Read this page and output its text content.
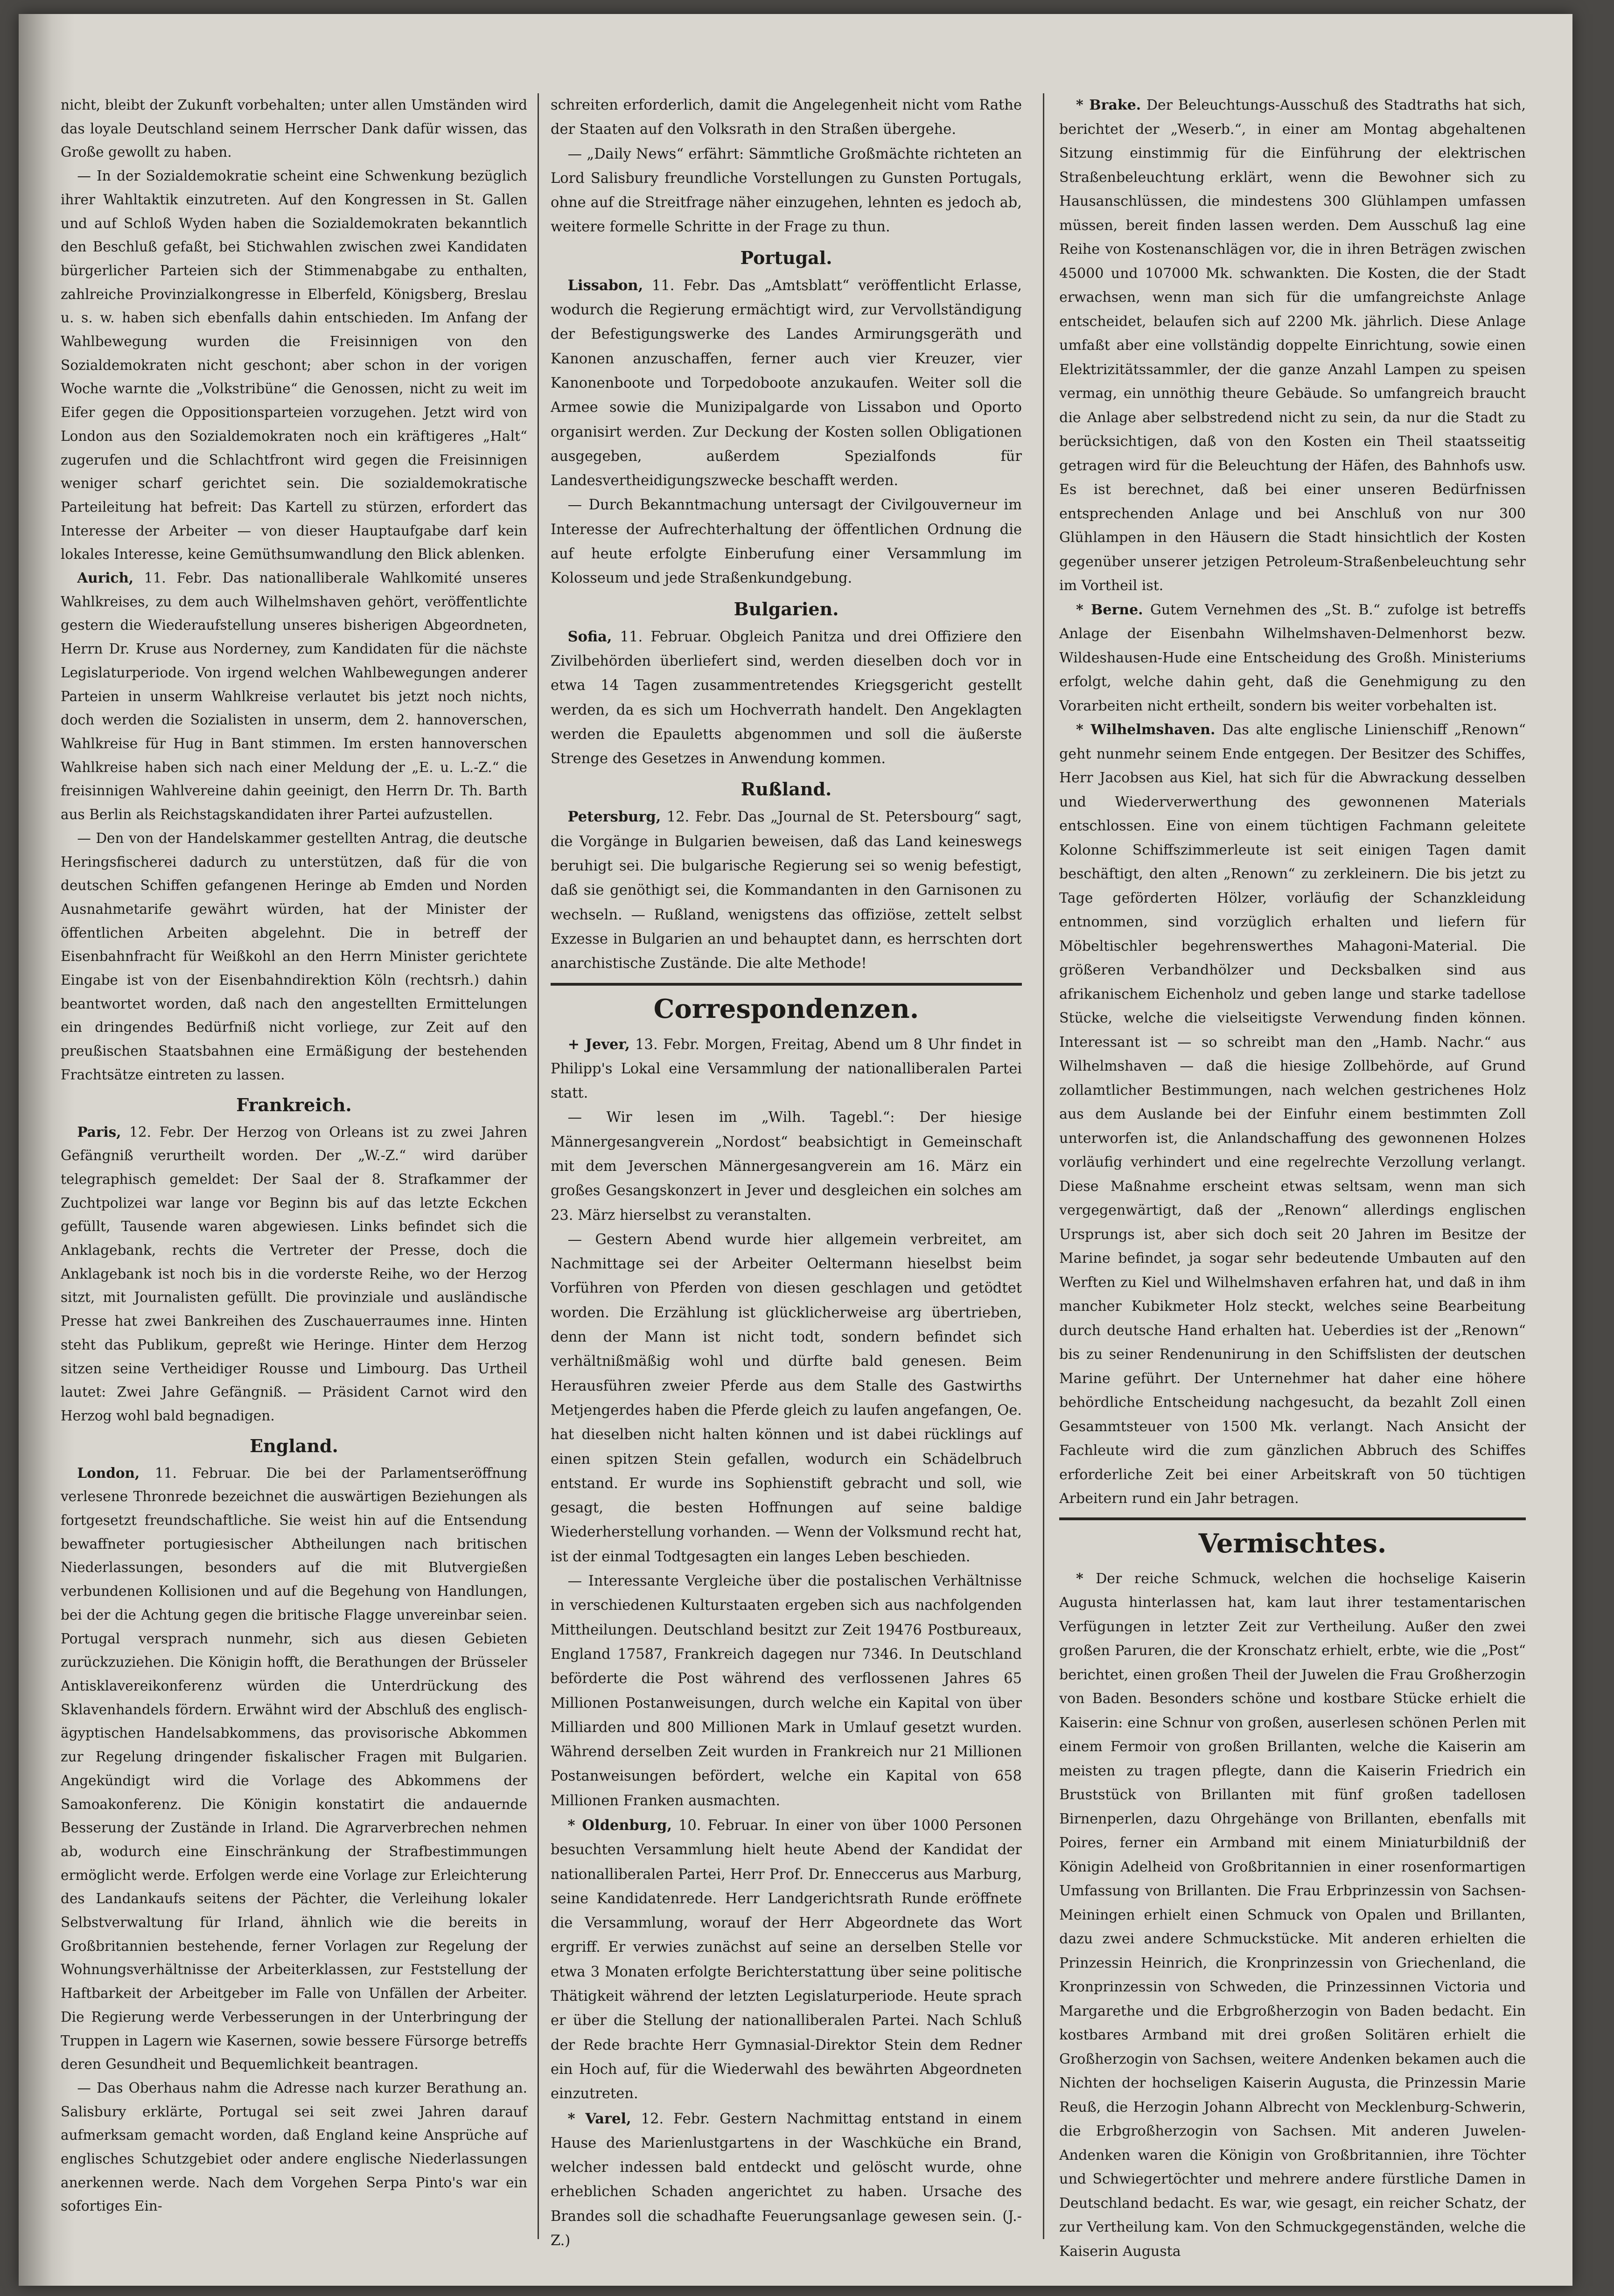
nicht, bleibt der Zukunft vorbehalten; unter allen Umständen wird das loyale Deutschland seinem Herrscher Dank dafür wissen, das Große gewollt zu haben.

— In der Sozialdemokratie scheint eine Schwenkung bezüglich ihrer Wahltaktik einzutreten. Auf den Kongressen in St. Gallen und auf Schloß Wyden haben die Sozialdemokraten bekanntlich den Beschluß gefaßt, bei Stichwahlen zwischen zwei Kandidaten bürgerlicher Parteien sich der Stimmenabgabe zu enthalten, zahlreiche Provinzialkongresse in Elberfeld, Königsberg, Breslau u. s. w. haben sich ebenfalls dahin entschieden. Im Anfang der Wahlbewegung wurden die Freisinnigen von den Sozialdemokraten nicht geschont; aber schon in der vorigen Woche warnte die „Volkstribüne“ die Genossen, nicht zu weit im Eifer gegen die Oppositionsparteien vorzugehen. Jetzt wird von London aus den Sozialdemokraten noch ein kräftigeres „Halt“ zugerufen und die Schlachtfront wird gegen die Freisinnigen weniger scharf gerichtet sein. Die sozialdemokratische Parteileitung hat befreit: Das Kartell zu stürzen, erfordert das Interesse der Arbeiter — von dieser Hauptaufgabe darf kein lokales Interesse, keine Gemüthsumwandlung den Blick ablenken.

Aurich, 11. Febr. Das nationalliberale Wahlkomité unseres Wahlkreises, zu dem auch Wilhelmshaven gehört, veröffentlichte gestern die Wiederaufstellung unseres bisherigen Abgeordneten, Herrn Dr. Kruse aus Norderney, zum Kandidaten für die nächste Legislaturperiode. Von irgend welchen Wahlbewegungen anderer Parteien in unserm Wahlkreise verlautet bis jetzt noch nichts, doch werden die Sozialisten in unserm, dem 2. hannoverschen, Wahlkreise für Hug in Bant stimmen. Im ersten hannoverschen Wahlkreise haben sich nach einer Meldung der „E. u. L.-Z.“ die freisinnigen Wahlvereine dahin geeinigt, den Herrn Dr. Th. Barth aus Berlin als Reichstagskandidaten ihrer Partei aufzustellen.

— Den von der Handelskammer gestellten Antrag, die deutsche Heringsfischerei dadurch zu unterstützen, daß für die von deutschen Schiffen gefangenen Heringe ab Emden und Norden Ausnahmetarife gewährt würden, hat der Minister der öffentlichen Arbeiten abgelehnt. Die in betreff der Eisenbahnfracht für Weißkohl an den Herrn Minister gerichtete Eingabe ist von der Eisenbahndirektion Köln (rechtsrh.) dahin beantwortet worden, daß nach den angestellten Ermittelungen ein dringendes Bedürfniß nicht vorliege, zur Zeit auf den preußischen Staatsbahnen eine Ermäßigung der bestehenden Frachtsätze eintreten zu lassen.

Frankreich.

Paris, 12. Febr. Der Herzog von Orleans ist zu zwei Jahren Gefängniß verurtheilt worden. Der „W.-Z.“ wird darüber telegraphisch gemeldet: Der Saal der 8. Strafkammer der Zuchtpolizei war lange vor Beginn bis auf das letzte Eckchen gefüllt, Tausende waren abgewiesen. Links befindet sich die Anklagebank, rechts die Vertreter der Presse, doch die Anklagebank ist noch bis in die vorderste Reihe, wo der Herzog sitzt, mit Journalisten gefüllt. Die provinziale und ausländische Presse hat zwei Bankreihen des Zuschauerraumes inne. Hinten steht das Publikum, gepreßt wie Heringe. Hinter dem Herzog sitzen seine Vertheidiger Rousse und Limbourg. Das Urtheil lautet: Zwei Jahre Gefängniß. — Präsident Carnot wird den Herzog wohl bald begnadigen.

England.

London, 11. Februar. Die bei der Parlamentseröffnung verlesene Thronrede bezeichnet die auswärtigen Beziehungen als fortgesetzt freundschaftliche. Sie weist hin auf die Entsendung bewaffneter portugiesischer Abtheilungen nach britischen Niederlassungen, besonders auf die mit Blutvergießen verbundenen Kollisionen und auf die Begehung von Handlungen, bei der die Achtung gegen die britische Flagge unvereinbar seien. Portugal versprach nunmehr, sich aus diesen Gebieten zurückzuziehen. Die Königin hofft, die Berathungen der Brüsseler Antisklavereikonferenz würden die Unterdrückung des Sklavenhandels fördern. Erwähnt wird der Abschluß des englisch-ägyptischen Handelsabkommens, das provisorische Abkommen zur Regelung dringender fiskalischer Fragen mit Bulgarien. Angekündigt wird die Vorlage des Abkommens der Samoakonferenz. Die Königin konstatirt die andauernde Besserung der Zustände in Irland. Die Agrarverbrechen nehmen ab, wodurch eine Einschränkung der Strafbestimmungen ermöglicht werde. Erfolgen werde eine Vorlage zur Erleichterung des Landankaufs seitens der Pächter, die Verleihung lokaler Selbstverwaltung für Irland, ähnlich wie die bereits in Großbritannien bestehende, ferner Vorlagen zur Regelung der Wohnungsverhältnisse der Arbeiterklassen, zur Feststellung der Haftbarkeit der Arbeitgeber im Falle von Unfällen der Arbeiter. Die Regierung werde Verbesserungen in der Unterbringung der Truppen in Lagern wie Kasernen, sowie bessere Fürsorge betreffs deren Gesundheit und Bequemlichkeit beantragen.

— Das Oberhaus nahm die Adresse nach kurzer Berathung an. Salisbury erklärte, Portugal sei seit zwei Jahren darauf aufmerksam gemacht worden, daß England keine Ansprüche auf englisches Schutzgebiet oder andere englische Niederlassungen anerkennen werde. Nach dem Vorgehen Serpa Pinto's war ein sofortiges Ein-

schreiten erforderlich, damit die Angelegenheit nicht vom Rathe der Staaten auf den Volksrath in den Straßen übergehe.

— „Daily News“ erfährt: Sämmtliche Großmächte richteten an Lord Salisbury freundliche Vorstellungen zu Gunsten Portugals, ohne auf die Streitfrage näher einzugehen, lehnten es jedoch ab, weitere formelle Schritte in der Frage zu thun.

Portugal.

Lissabon, 11. Febr. Das „Amtsblatt“ veröffentlicht Erlasse, wodurch die Regierung ermächtigt wird, zur Vervollständigung der Befestigungswerke des Landes Armirungsgeräth und Kanonen anzuschaffen, ferner auch vier Kreuzer, vier Kanonenboote und Torpedoboote anzukaufen. Weiter soll die Armee sowie die Munizipalgarde von Lissabon und Oporto organisirt werden. Zur Deckung der Kosten sollen Obligationen ausgegeben, außerdem Spezialfonds für Landesvertheidigungszwecke beschafft werden.

— Durch Bekanntmachung untersagt der Civilgouverneur im Interesse der Aufrechterhaltung der öffentlichen Ordnung die auf heute erfolgte Einberufung einer Versammlung im Kolosseum und jede Straßenkundgebung.

Bulgarien.

Sofia, 11. Februar. Obgleich Panitza und drei Offiziere den Zivilbehörden überliefert sind, werden dieselben doch vor in etwa 14 Tagen zusammentretendes Kriegsgericht gestellt werden, da es sich um Hochverrath handelt. Den Angeklagten werden die Epauletts abgenommen und soll die äußerste Strenge des Gesetzes in Anwendung kommen.

Rußland.

Petersburg, 12. Febr. Das „Journal de St. Petersbourg“ sagt, die Vorgänge in Bulgarien beweisen, daß das Land keineswegs beruhigt sei. Die bulgarische Regierung sei so wenig befestigt, daß sie genöthigt sei, die Kommandanten in den Garnisonen zu wechseln. — Rußland, wenigstens das offiziöse, zettelt selbst Exzesse in Bulgarien an und behauptet dann, es herrschten dort anarchistische Zustände. Die alte Methode!

Correspondenzen.

+ Jever, 13. Febr. Morgen, Freitag, Abend um 8 Uhr findet in Philipp's Lokal eine Versammlung der nationalliberalen Partei statt.

— Wir lesen im „Wilh. Tagebl.“: Der hiesige Männergesangverein „Nordost“ beabsichtigt in Gemeinschaft mit dem Jeverschen Männergesangverein am 16. März ein großes Gesangskonzert in Jever und desgleichen ein solches am 23. März hierselbst zu veranstalten.

— Gestern Abend wurde hier allgemein verbreitet, am Nachmittage sei der Arbeiter Oeltermann hieselbst beim Vorführen von Pferden von diesen geschlagen und getödtet worden. Die Erzählung ist glücklicherweise arg übertrieben, denn der Mann ist nicht todt, sondern befindet sich verhältnißmäßig wohl und dürfte bald genesen. Beim Herausführen zweier Pferde aus dem Stalle des Gastwirths Metjengerdes haben die Pferde gleich zu laufen angefangen, Oe. hat dieselben nicht halten können und ist dabei rücklings auf einen spitzen Stein gefallen, wodurch ein Schädelbruch entstand. Er wurde ins Sophienstift gebracht und soll, wie gesagt, die besten Hoffnungen auf seine baldige Wiederherstellung vorhanden. — Wenn der Volksmund recht hat, ist der einmal Todtgesagten ein langes Leben beschieden.

— Interessante Vergleiche über die postalischen Verhältnisse in verschiedenen Kulturstaaten ergeben sich aus nachfolgenden Mittheilungen. Deutschland besitzt zur Zeit 19476 Postbureaux, England 17587, Frankreich dagegen nur 7346. In Deutschland beförderte die Post während des verflossenen Jahres 65 Millionen Postanweisungen, durch welche ein Kapital von über Milliarden und 800 Millionen Mark in Umlauf gesetzt wurden. Während derselben Zeit wurden in Frankreich nur 21 Millionen Postanweisungen befördert, welche ein Kapital von 658 Millionen Franken ausmachten.

* Oldenburg, 10. Februar. In einer von über 1000 Personen besuchten Versammlung hielt heute Abend der Kandidat der nationalliberalen Partei, Herr Prof. Dr. Enneccerus aus Marburg, seine Kandidatenrede. Herr Landgerichtsrath Runde eröffnete die Versammlung, worauf der Herr Abgeordnete das Wort ergriff. Er verwies zunächst auf seine an derselben Stelle vor etwa 3 Monaten erfolgte Berichterstattung über seine politische Thätigkeit während der letzten Legislaturperiode. Heute sprach er über die Stellung der nationalliberalen Partei. Nach Schluß der Rede brachte Herr Gymnasial-Direktor Stein dem Redner ein Hoch auf, für die Wiederwahl des bewährten Abgeordneten einzutreten.

* Varel, 12. Febr. Gestern Nachmittag entstand in einem Hause des Marienlustgartens in der Waschküche ein Brand, welcher indessen bald entdeckt und gelöscht wurde, ohne erheblichen Schaden angerichtet zu haben. Ursache des Brandes soll die schadhafte Feuerungsanlage gewesen sein. (J.-Z.)

* Brake. Der Beleuchtungs-Ausschuß des Stadtraths hat sich, berichtet der „Weserb.“, in einer am Montag abgehaltenen Sitzung einstimmig für die Einführung der elektrischen Straßenbeleuchtung erklärt, wenn die Bewohner sich zu Hausanschlüssen, die mindestens 300 Glühlampen umfassen müssen, bereit finden lassen werden. Dem Ausschuß lag eine Reihe von Kostenanschlägen vor, die in ihren Beträgen zwischen 45000 und 107000 Mk. schwankten. Die Kosten, die der Stadt erwachsen, wenn man sich für die umfangreichste Anlage entscheidet, belaufen sich auf 2200 Mk. jährlich. Diese Anlage umfaßt aber eine vollständig doppelte Einrichtung, sowie einen Elektrizitätssammler, der die ganze Anzahl Lampen zu speisen vermag, ein unnöthig theure Gebäude. So umfangreich braucht die Anlage aber selbstredend nicht zu sein, da nur die Stadt zu berücksichtigen, daß von den Kosten ein Theil staatsseitig getragen wird für die Beleuchtung der Häfen, des Bahnhofs usw. Es ist berechnet, daß bei einer unseren Bedürfnissen entsprechenden Anlage und bei Anschluß von nur 300 Glühlampen in den Häusern die Stadt hinsichtlich der Kosten gegenüber unserer jetzigen Petroleum-Straßenbeleuchtung sehr im Vortheil ist.

* Berne. Gutem Vernehmen des „St. B.“ zufolge ist betreffs Anlage der Eisenbahn Wilhelmshaven-Delmenhorst bezw. Wildeshausen-Hude eine Entscheidung des Großh. Ministeriums erfolgt, welche dahin geht, daß die Genehmigung zu den Vorarbeiten nicht ertheilt, sondern bis weiter vorbehalten ist.

* Wilhelmshaven. Das alte englische Linienschiff „Renown“ geht nunmehr seinem Ende entgegen. Der Besitzer des Schiffes, Herr Jacobsen aus Kiel, hat sich für die Abwrackung desselben und Wiederverwerthung des gewonnenen Materials entschlossen. Eine von einem tüchtigen Fachmann geleitete Kolonne Schiffszimmerleute ist seit einigen Tagen damit beschäftigt, den alten „Renown“ zu zerkleinern. Die bis jetzt zu Tage geförderten Hölzer, vorläufig der Schanzkleidung entnommen, sind vorzüglich erhalten und liefern für Möbeltischler begehrenswerthes Mahagoni-Material. Die größeren Verbandhölzer und Decksbalken sind aus afrikanischem Eichenholz und geben lange und starke tadellose Stücke, welche die vielseitigste Verwendung finden können. Interessant ist — so schreibt man den „Hamb. Nachr.“ aus Wilhelmshaven — daß die hiesige Zollbehörde, auf Grund zollamtlicher Bestimmungen, nach welchen gestrichenes Holz aus dem Auslande bei der Einfuhr einem bestimmten Zoll unterworfen ist, die Anlandschaffung des gewonnenen Holzes vorläufig verhindert und eine regelrechte Verzollung verlangt. Diese Maßnahme erscheint etwas seltsam, wenn man sich vergegenwärtigt, daß der „Renown“ allerdings englischen Ursprungs ist, aber sich doch seit 20 Jahren im Besitze der Marine befindet, ja sogar sehr bedeutende Umbauten auf den Werften zu Kiel und Wilhelmshaven erfahren hat, und daß in ihm mancher Kubikmeter Holz steckt, welches seine Bearbeitung durch deutsche Hand erhalten hat. Ueberdies ist der „Renown“ bis zu seiner Rendenunirung in den Schiffslisten der deutschen Marine geführt. Der Unternehmer hat daher eine höhere behördliche Entscheidung nachgesucht, da bezahlt Zoll einen Gesammtsteuer von 1500 Mk. verlangt. Nach Ansicht der Fachleute wird die zum gänzlichen Abbruch des Schiffes erforderliche Zeit bei einer Arbeitskraft von 50 tüchtigen Arbeitern rund ein Jahr betragen.

Vermischtes.

* Der reiche Schmuck, welchen die hochselige Kaiserin Augusta hinterlassen hat, kam laut ihrer testamentarischen Verfügungen in letzter Zeit zur Vertheilung. Außer den zwei großen Paruren, die der Kronschatz erhielt, erbte, wie die „Post“ berichtet, einen großen Theil der Juwelen die Frau Großherzogin von Baden. Besonders schöne und kostbare Stücke erhielt die Kaiserin: eine Schnur von großen, auserlesen schönen Perlen mit einem Fermoir von großen Brillanten, welche die Kaiserin am meisten zu tragen pflegte, dann die Kaiserin Friedrich ein Bruststück von Brillanten mit fünf großen tadellosen Birnenperlen, dazu Ohrgehänge von Brillanten, ebenfalls mit Poires, ferner ein Armband mit einem Miniaturbildniß der Königin Adelheid von Großbritannien in einer rosenformartigen Umfassung von Brillanten. Die Frau Erbprinzessin von Sachsen-Meiningen erhielt einen Schmuck von Opalen und Brillanten, dazu zwei andere Schmuckstücke. Mit anderen erhielten die Prinzessin Heinrich, die Kronprinzessin von Griechenland, die Kronprinzessin von Schweden, die Prinzessinnen Victoria und Margarethe und die Erbgroßherzogin von Baden bedacht. Ein kostbares Armband mit drei großen Solitären erhielt die Großherzogin von Sachsen, weitere Andenken bekamen auch die Nichten der hochseligen Kaiserin Augusta, die Prinzessin Marie Reuß, die Herzogin Johann Albrecht von Mecklenburg-Schwerin, die Erbgroßherzogin von Sachsen. Mit anderen Juwelen-Andenken waren die Königin von Großbritannien, ihre Töchter und Schwiegertöchter und mehrere andere fürstliche Damen in Deutschland bedacht. Es war, wie gesagt, ein reicher Schatz, der zur Vertheilung kam. Von den Schmuckgegenständen, welche die Kaiserin Augusta
